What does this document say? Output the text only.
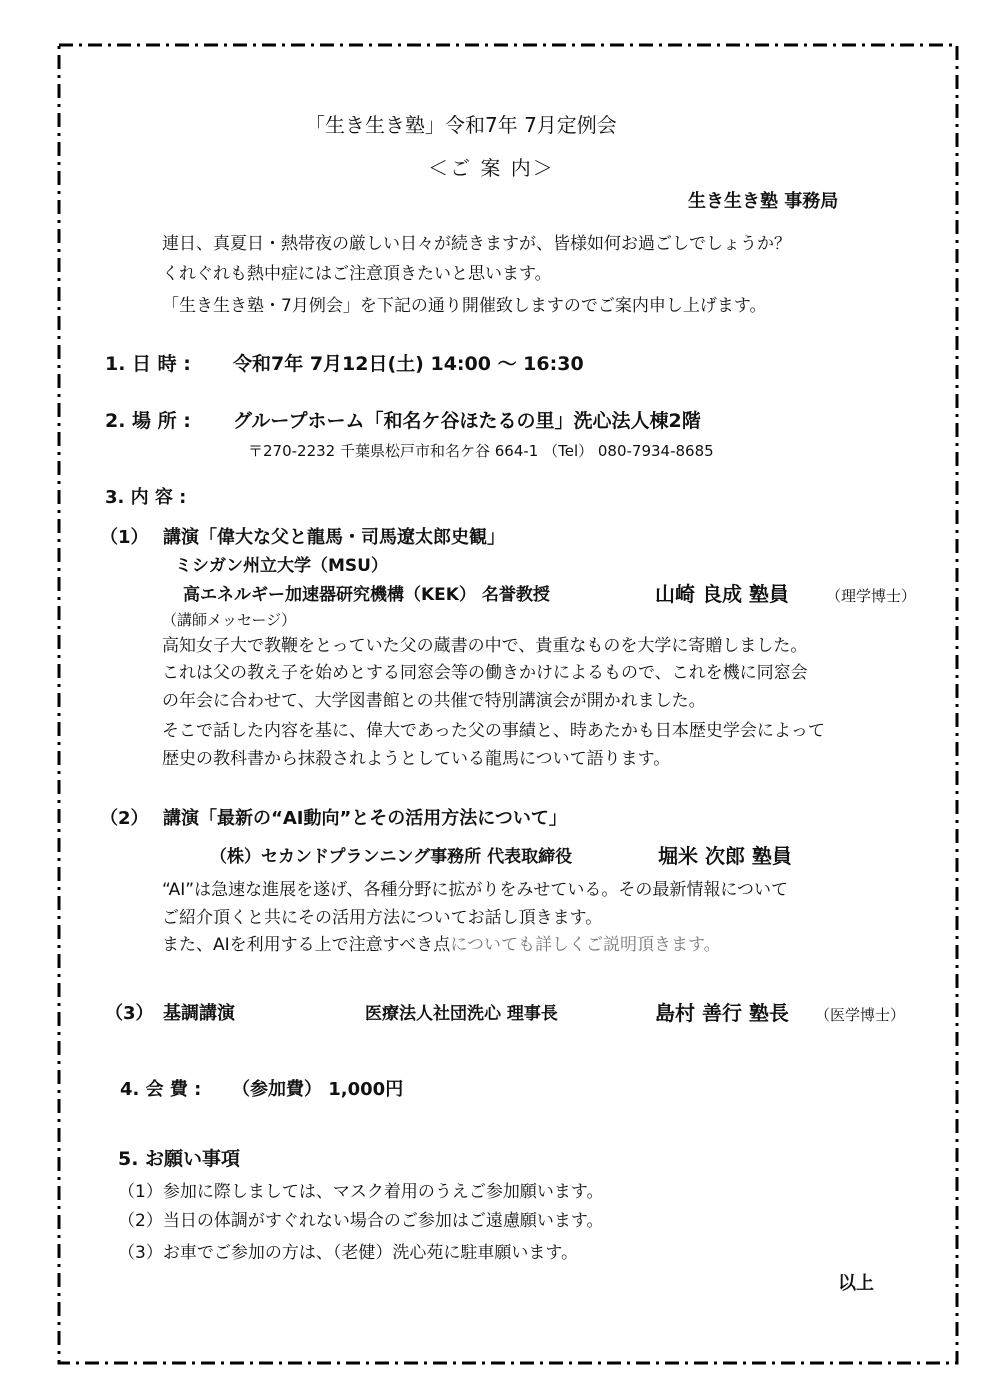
「生き生き塾」令和7年 7月定例会
＜ご 案 内＞
生き生き塾 事務局
連日、真夏日・熱帯夜の厳しい日々が続きますが、皆様如何お過ごしでしょうか？
くれぐれも熱中症にはご注意頂きたいと思います。
「生き生き塾・7月例会」を下記の通り開催致しますのでご案内申し上げます。
1. 日 時 : 令和7年 7月12日(土) 14:00 ～ 16:30
2. 場 所 : グループホーム「和名ケ谷ほたるの里」洗心法人棟2階
〒270-2232 千葉県松戸市和名ケ谷 664-1 （Tel） 080-7934-8685
3. 内 容 :
（1） 講演「偉大な父と龍馬・司馬遼太郎史観」
ミシガン州立大学（MSU）
高エネルギー加速器研究機構（KEK） 名誉教授	山崎 良成 塾員 （理学博士）
（講師メッセージ）
高知女子大で教鞭をとっていた父の蔵書の中で、貴重なものを大学に寄贈しました。
これは父の教え子を始めとする同窓会等の働きかけによるもので、これを機に同窓会
の年会に合わせて、大学図書館との共催で特別講演会が開かれました。
そこで話した内容を基に、偉大であった父の事績と、時あたかも日本歴史学会によって
歴史の教科書から抹殺されようとしている龍馬について語ります。
（2） 講演「最新の“AI動向”とその活用方法について」
（株）セカンドプランニング事務所 代表取締役	堀米 次郎 塾員
“AI”は急速な進展を遂げ、各種分野に拡がりをみせている。その最新情報について
ご紹介頂くと共にその活用方法についてお話し頂きます。
また、AIを利用する上で注意すべき点についても詳しくご説明頂きます。
（3） 基調講演	医療法人社団洗心 理事長	島村 善行 塾長 （医学博士）
4. 会 費 : （参加費） 1,000円
5. お願い事項
（1）参加に際しましては、マスク着用のうえご参加願います。
（2）当日の体調がすぐれない場合のご参加はご遠慮願います。
（3）お車でご参加の方は、（老健）洗心苑に駐車願います。
以上
